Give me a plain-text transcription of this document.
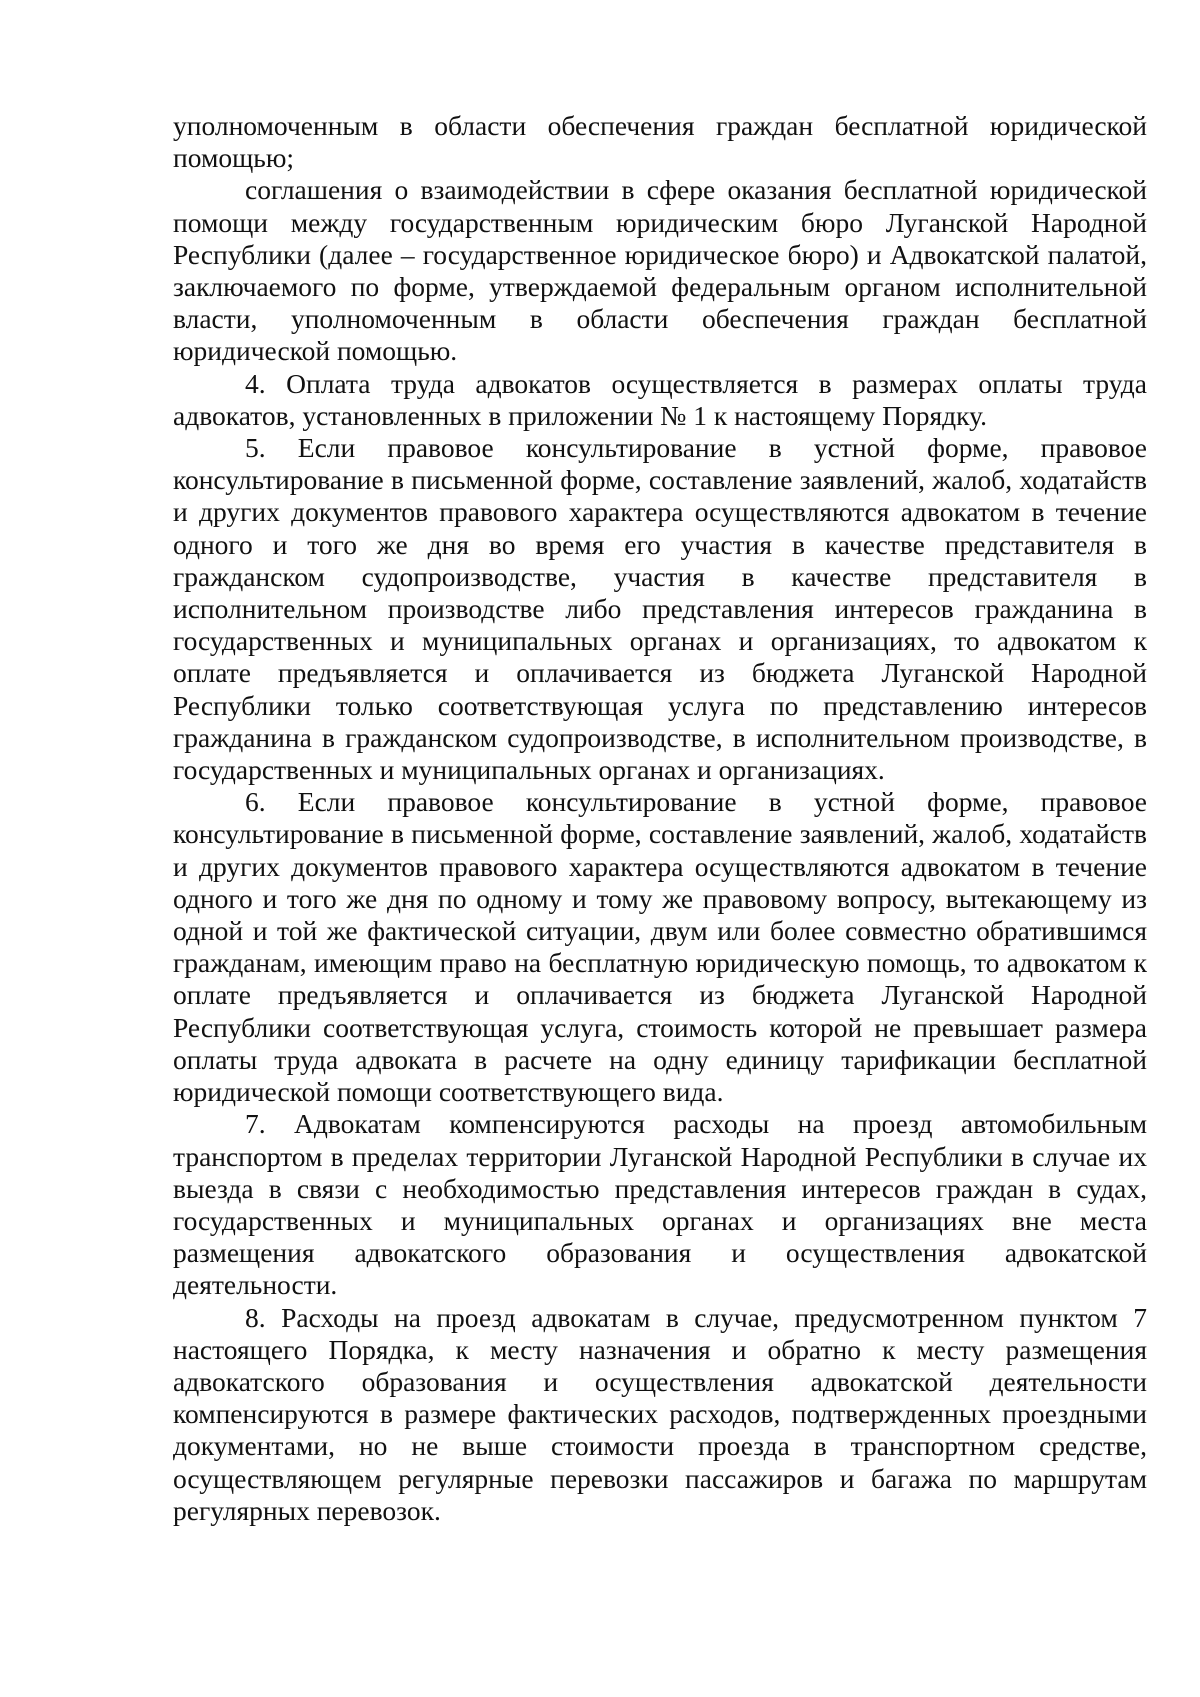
уполномоченным в области обеспечения граждан бесплатной юридической помощью;

соглашения о взаимодействии в сфере оказания бесплатной юридической помощи между государственным юридическим бюро Луганской Народной Республики (далее – государственное юридическое бюро) и Адвокатской палатой, заключаемого по форме, утверждаемой федеральным органом исполнительной власти, уполномоченным в области обеспечения граждан бесплатной юридической помощью.

4. Оплата труда адвокатов осуществляется в размерах оплаты труда адвокатов, установленных в приложении № 1 к настоящему Порядку.

5. Если правовое консультирование в устной форме, правовое консультирование в письменной форме, составление заявлений, жалоб, ходатайств и других документов правового характера осуществляются адвокатом в течение одного и того же дня во время его участия в качестве представителя в гражданском судопроизводстве, участия в качестве представителя в исполнительном производстве либо представления интересов гражданина в государственных и муниципальных органах и организациях, то адвокатом к оплате предъявляется и оплачивается из бюджета Луганской Народной Республики только соответствующая услуга по представлению интересов гражданина в гражданском судопроизводстве, в исполнительном производстве, в государственных и муниципальных органах и организациях.

6. Если правовое консультирование в устной форме, правовое консультирование в письменной форме, составление заявлений, жалоб, ходатайств и других документов правового характера осуществляются адвокатом в течение одного и того же дня по одному и тому же правовому вопросу, вытекающему из одной и той же фактической ситуации, двум или более совместно обратившимся гражданам, имеющим право на бесплатную юридическую помощь, то адвокатом к оплате предъявляется и оплачивается из бюджета Луганской Народной Республики соответствующая услуга, стоимость которой не превышает размера оплаты труда адвоката в расчете на одну единицу тарификации бесплатной юридической помощи соответствующего вида.

7. Адвокатам компенсируются расходы на проезд автомобильным транспортом в пределах территории Луганской Народной Республики в случае их выезда в связи с необходимостью представления интересов граждан в судах, государственных и муниципальных органах и организациях вне места размещения адвокатского образования и осуществления адвокатской деятельности.

8. Расходы на проезд адвокатам в случае, предусмотренном пунктом 7 настоящего Порядка, к месту назначения и обратно к месту размещения адвокатского образования и осуществления адвокатской деятельности компенсируются в размере фактических расходов, подтвержденных проездными документами, но не выше стоимости проезда в транспортном средстве, осуществляющем регулярные перевозки пассажиров и багажа по маршрутам регулярных перевозок.
